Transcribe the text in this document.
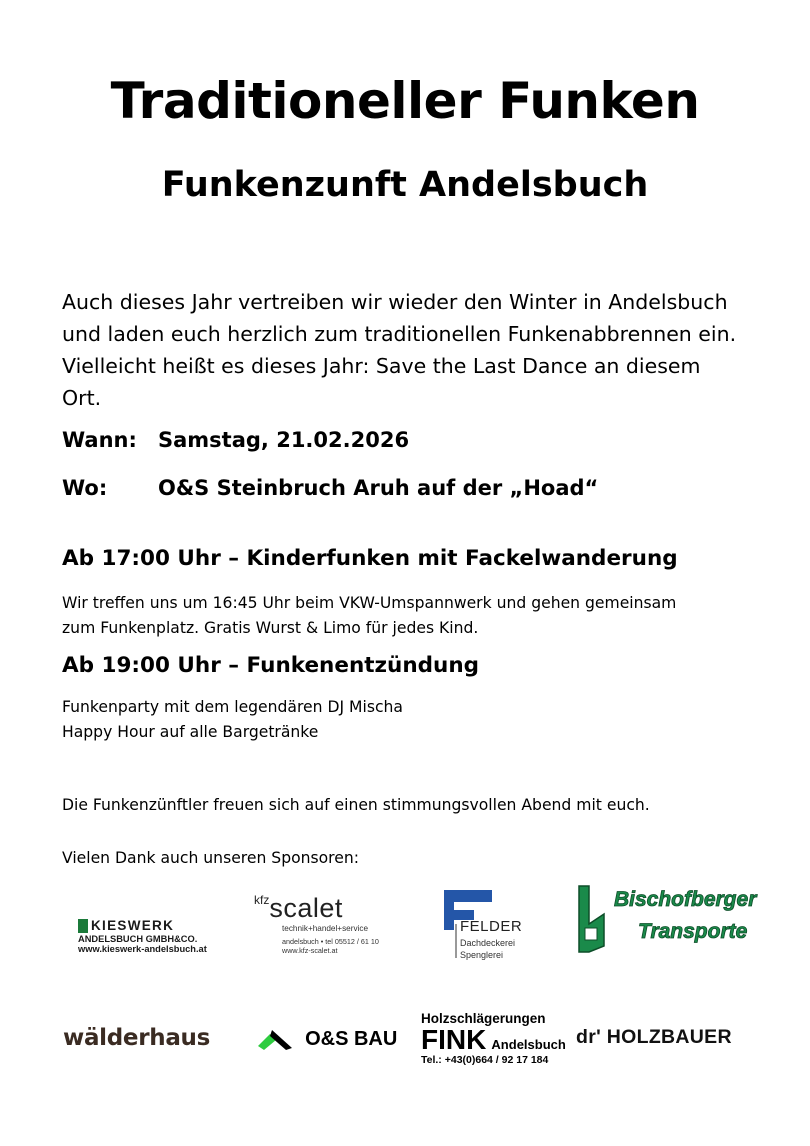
Traditioneller Funken
Funkenzunft Andelsbuch
Auch dieses Jahr vertreiben wir wieder den Winter in Andelsbuch und laden euch herzlich zum traditionellen Funkenabbrennen ein. Vielleicht heißt es dieses Jahr: Save the Last Dance an diesem Ort.
Wann: Samstag, 21.02.2026
Wo: O&S Steinbruch Aruh auf der „Hoad“
Ab 17:00 Uhr – Kinderfunken mit Fackelwanderung
Wir treffen uns um 16:45 Uhr beim VKW-Umspannwerk und gehen gemeinsam
zum Funkenplatz. Gratis Wurst & Limo für jedes Kind.
Ab 19:00 Uhr – Funkenentzündung
Funkenparty mit dem legendären DJ Mischa
Happy Hour auf alle Bargetränke
Die Funkenzünftler freuen sich auf einen stimmungsvollen Abend mit euch.
Vielen Dank auch unseren Sponsoren:
KIESWERK
ANDELSBUCH GMBH&CO.
www.kieswerk-andelsbuch.at
$^{kfz}$scalet
technik+handel+service
andelsbuch • tel 05512 / 61 10
www.kfz-scalet.at
FELDER
Dachdeckerei
Spenglerei
Bischofberger
Transporte
wälderhaus	O&S BAU
Holzschlägerungen
FINK Andelsbuch
Tel.: +43(0)664 / 92 17 184
dr' HOLZBAUER
